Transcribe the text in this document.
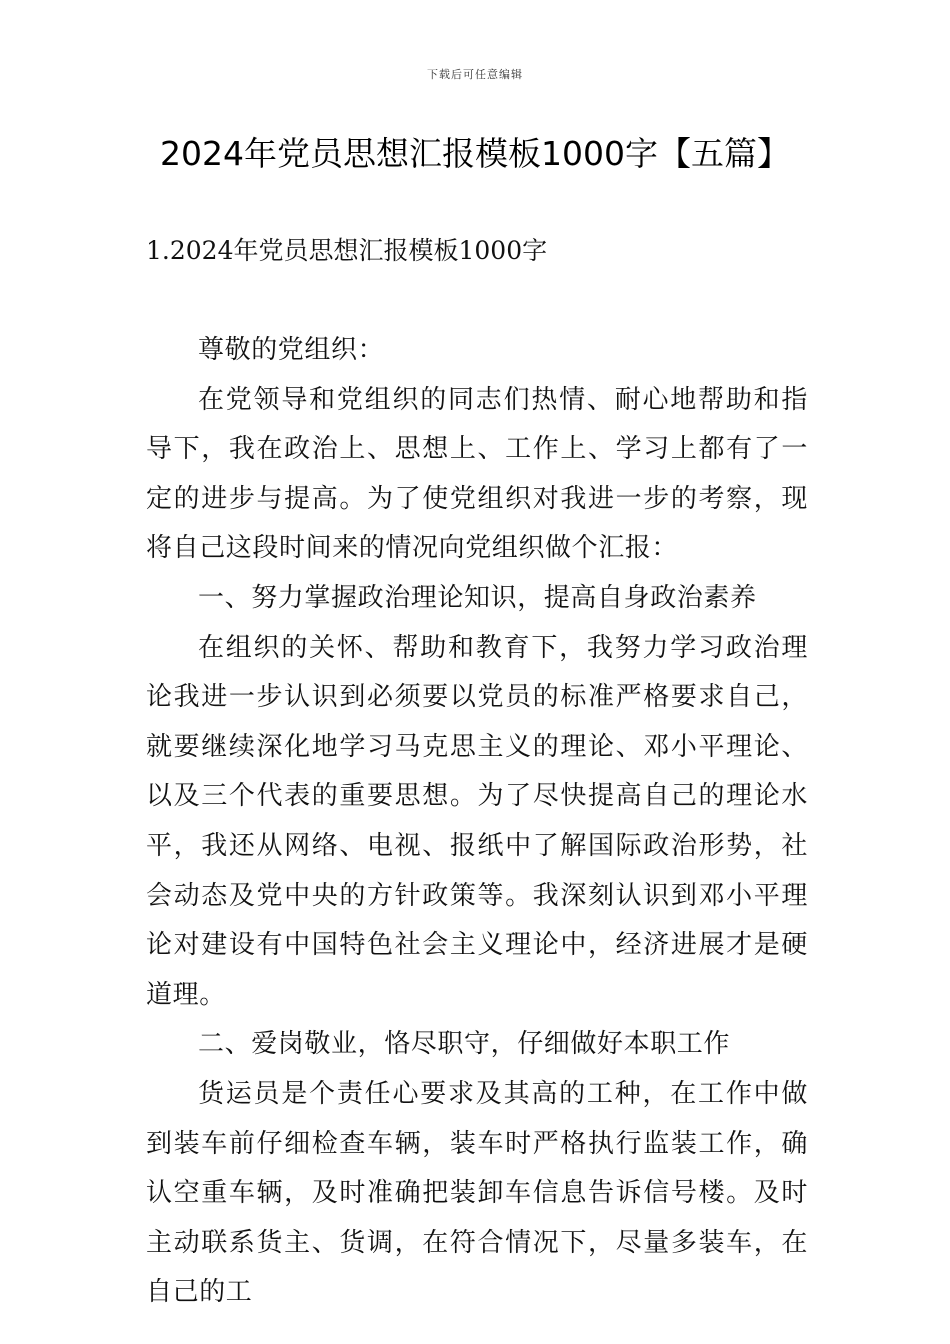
下载后可任意编辑
2024年党员思想汇报模板1000字【五篇】
1.2024年党员思想汇报模板1000字

尊敬的党组织：

在党领导和党组织的同志们热情、耐心地帮助和指导下，我在政治上、思想上、工作上、学习上都有了一定的进步与提高。为了使党组织对我进一步的考察，现将自己这段时间来的情况向党组织做个汇报：

一、努力掌握政治理论知识，提高自身政治素养

在组织的关怀、帮助和教育下，我努力学习政治理论我进一步认识到必须要以党员的标准严格要求自己，就要继续深化地学习马克思主义的理论、邓小平理论、以及三个代表的重要思想。为了尽快提高自己的理论水平，我还从网络、电视、报纸中了解国际政治形势，社会动态及党中央的方针政策等。我深刻认识到邓小平理论对建设有中国特色社会主义理论中，经济进展才是硬道理。

二、爱岗敬业，恪尽职守，仔细做好本职工作

货运员是个责任心要求及其高的工种，在工作中做到装车前仔细检查车辆，装车时严格执行监装工作，确认空重车辆，及时准确把装卸车信息告诉信号楼。及时主动联系货主、货调，在符合情况下，尽量多装车，在自己的工
